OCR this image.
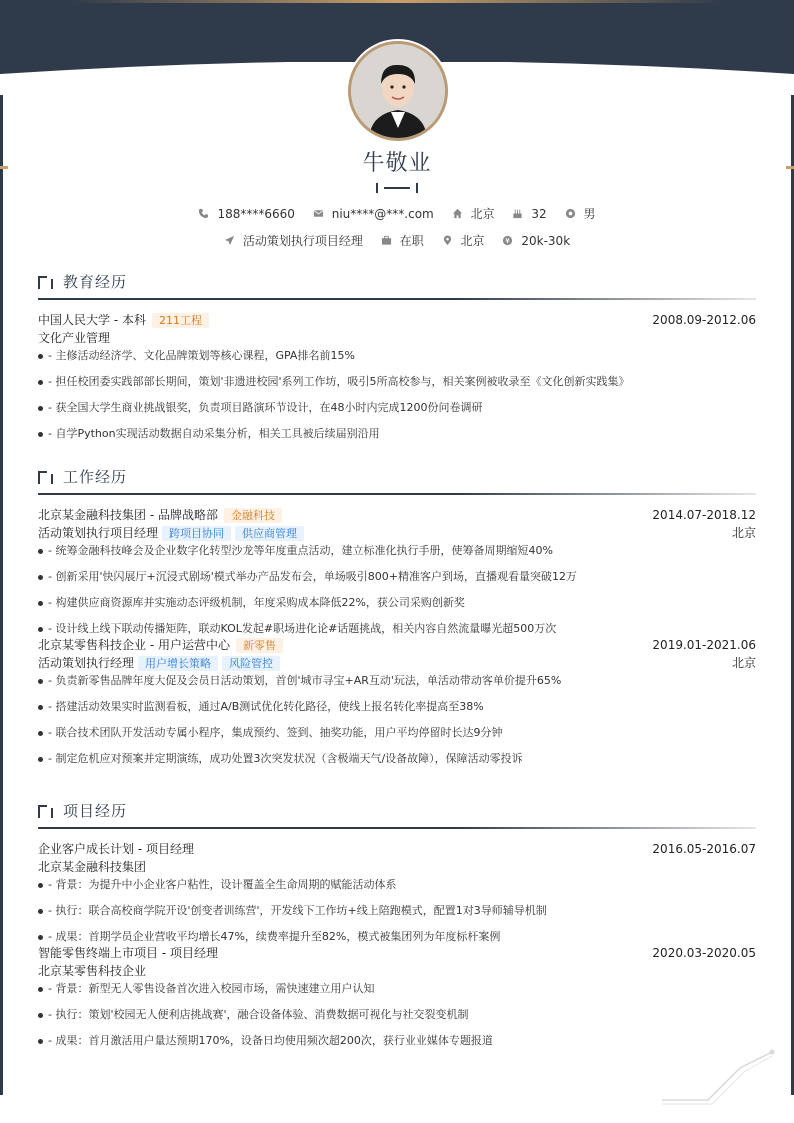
牛敬业
188****6660
	niu****@***.com
	北京
	32
	男
活动策划执行项目经理
	在职
	北京
	20k-30k
教育经历
中国人民大学 - 本科 211工程	2008.09-2012.06
文化产业管理
- 主修活动经济学、文化品牌策划等核心课程，GPA排名前15%
- 担任校团委实践部部长期间，策划'非遗进校园'系列工作坊，吸引5所高校参与，相关案例被收录至《文化创新实践集》
- 获全国大学生商业挑战银奖，负责项目路演环节设计，在48小时内完成1200份问卷调研
- 自学Python实现活动数据自动采集分析，相关工具被后续届别沿用
工作经历
北京某金融科技集团 - 品牌战略部 金融科技	2014.07-2018.12
活动策划执行项目经理 跨项目协同 供应商管理	北京
- 统筹金融科技峰会及企业数字化转型沙龙等年度重点活动，建立标准化执行手册，使筹备周期缩短40%
- 创新采用'快闪展厅+沉浸式剧场'模式举办产品发布会，单场吸引800+精准客户到场，直播观看量突破12万
- 构建供应商资源库并实施动态评级机制，年度采购成本降低22%，获公司采购创新奖
- 设计线上线下联动传播矩阵，联动KOL发起#职场进化论#话题挑战，相关内容自然流量曝光超500万次
北京某零售科技企业 - 用户运营中心 新零售	2019.01-2021.06
活动策划执行经理 用户增长策略 风险管控	北京
- 负责新零售品牌年度大促及会员日活动策划，首创'城市寻宝+AR互动'玩法，单活动带动客单价提升65%
- 搭建活动效果实时监测看板，通过A/B测试优化转化路径，使线上报名转化率提高至38%
- 联合技术团队开发活动专属小程序，集成预约、签到、抽奖功能，用户平均停留时长达9分钟
- 制定危机应对预案并定期演练，成功处置3次突发状况（含极端天气/设备故障），保障活动零投诉
项目经历
企业客户成长计划 - 项目经理	2016.05-2016.07
北京某金融科技集团
- 背景：为提升中小企业客户粘性，设计覆盖全生命周期的赋能活动体系
- 执行：联合高校商学院开设'创变者训练营'，开发线下工作坊+线上陪跑模式，配置1对3导师辅导机制
- 成果：首期学员企业营收平均增长47%，续费率提升至82%，模式被集团列为年度标杆案例
智能零售终端上市项目 - 项目经理	2020.03-2020.05
北京某零售科技企业
- 背景：新型无人零售设备首次进入校园市场，需快速建立用户认知
- 执行：策划'校园无人便利店挑战赛'，融合设备体验、消费数据可视化与社交裂变机制
- 成果：首月激活用户量达预期170%，设备日均使用频次超200次，获行业业媒体专题报道
